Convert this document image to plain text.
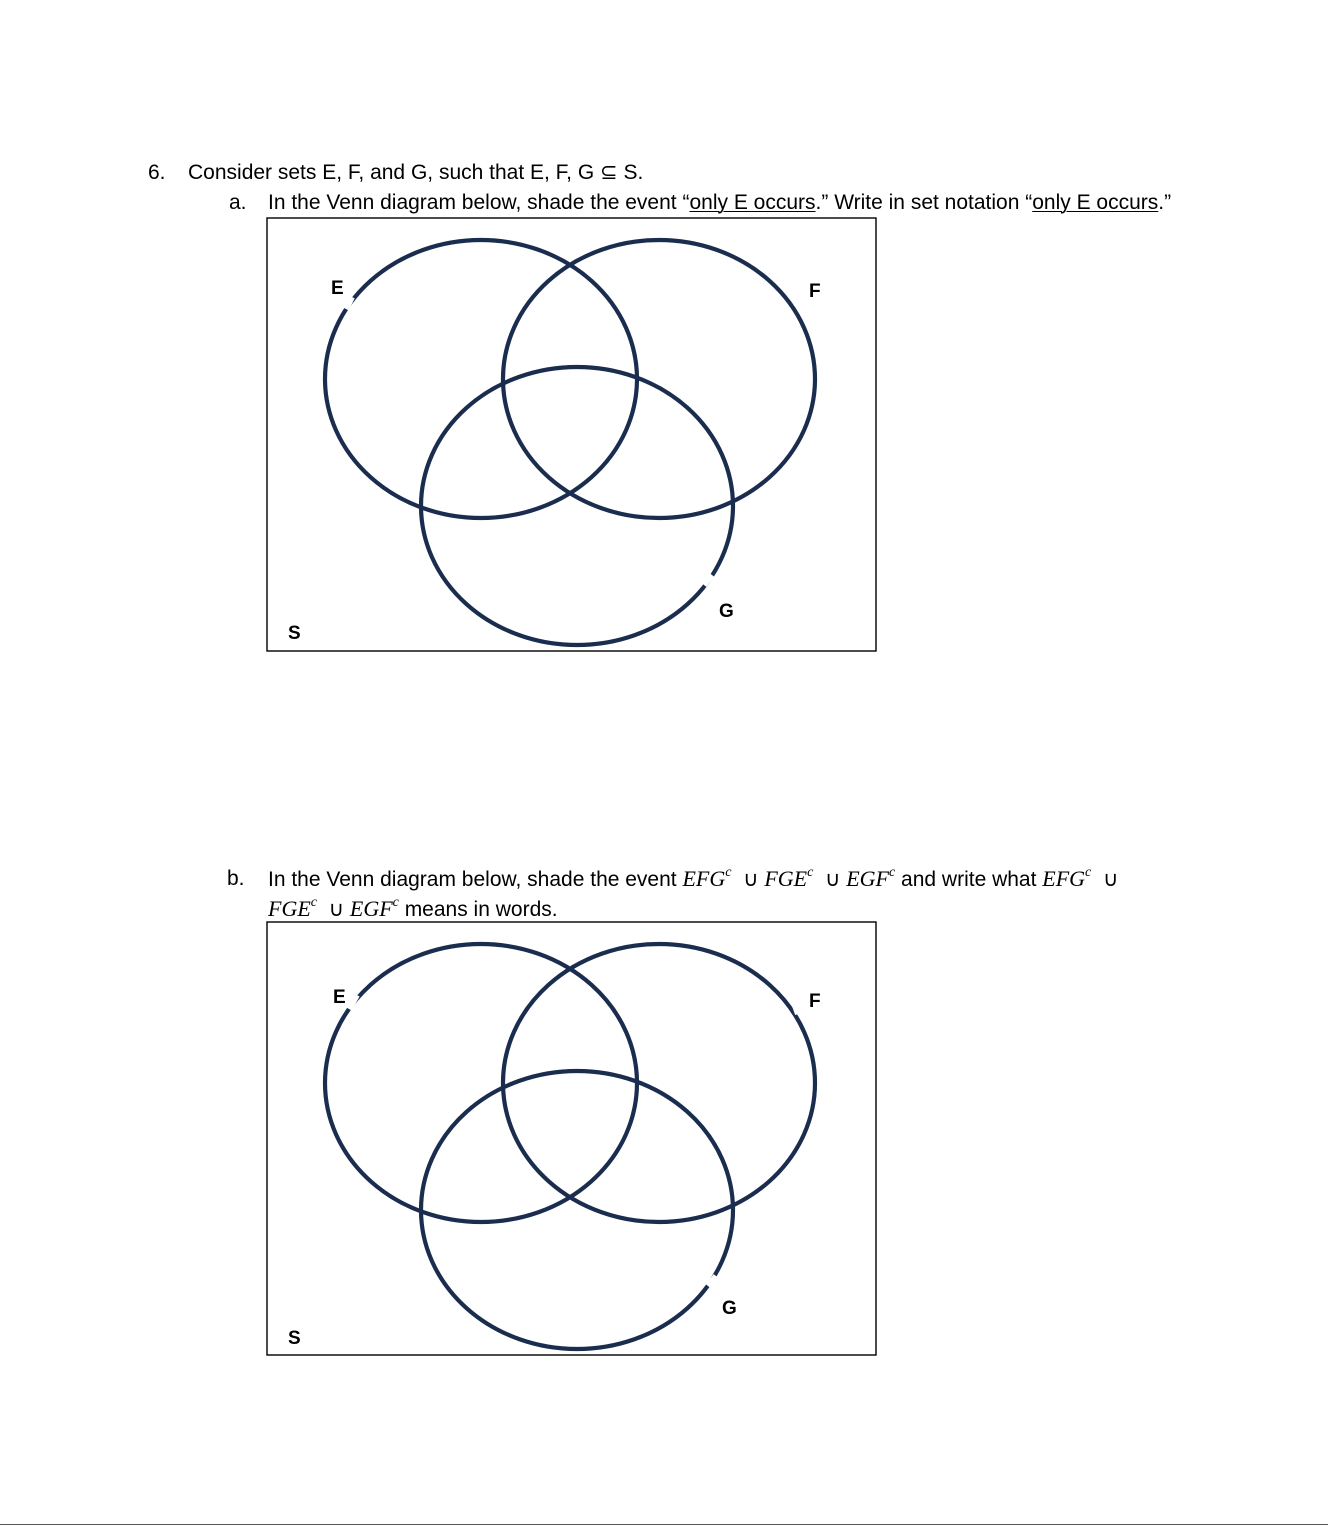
6. Consider sets E, F, and G, such that E, F, G ⊆ S.
a. In the Venn diagram below, shade the event “only E occurs.” Write in set notation “only E occurs.”
E	F
G
S
b. In the Venn diagram below, shade the event EFG$^c$ ∪ FGE$^c$ ∪ EGF$^c$ and write what EFG$^c$ ∪
FGE$^c$ ∪ EGF$^c$ means in words.
E	F
G
S
